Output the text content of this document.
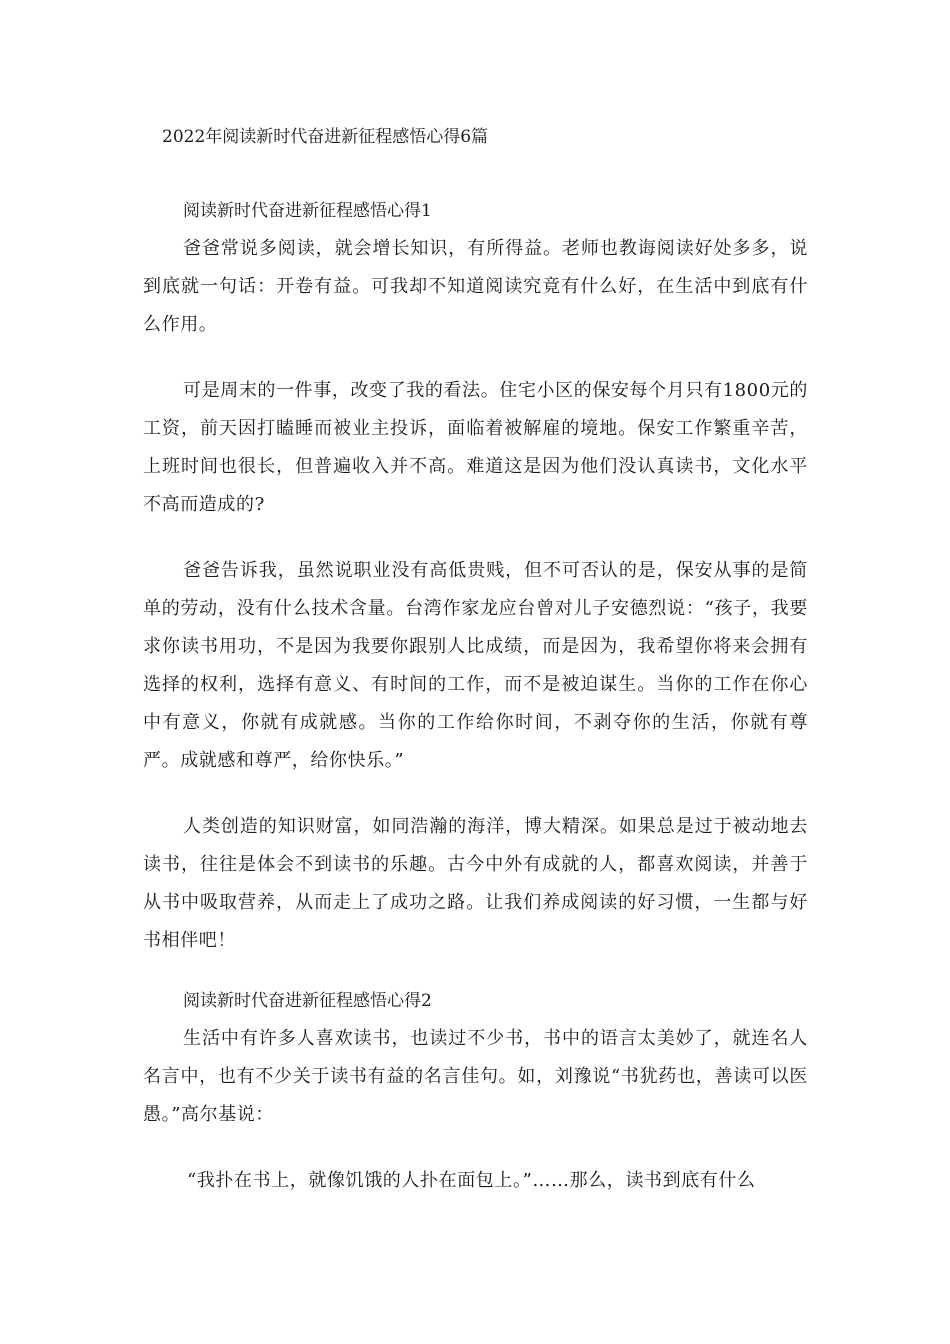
2022年阅读新时代奋进新征程感悟心得6篇
阅读新时代奋进新征程感悟心得1

爸爸常说多阅读，就会增长知识，有所得益。老师也教诲阅读好处多多，说到底就一句话：开卷有益。可我却不知道阅读究竟有什么好，在生活中到底有什么作用。

可是周末的一件事，改变了我的看法。住宅小区的保安每个月只有1800元的工资，前天因打瞌睡而被业主投诉，面临着被解雇的境地。保安工作繁重辛苦，上班时间也很长，但普遍收入并不高。难道这是因为他们没认真读书，文化水平不高而造成的?

爸爸告诉我，虽然说职业没有高低贵贱，但不可否认的是，保安从事的是简单的劳动，没有什么技术含量。台湾作家龙应台曾对儿子安德烈说：“孩子，我要求你读书用功，不是因为我要你跟别人比成绩，而是因为，我希望你将来会拥有选择的权利，选择有意义、有时间的工作，而不是被迫谋生。当你的工作在你心中有意义，你就有成就感。当你的工作给你时间，不剥夺你的生活，你就有尊严。成就感和尊严，给你快乐。”

人类创造的知识财富，如同浩瀚的海洋，博大精深。如果总是过于被动地去读书，往往是体会不到读书的乐趣。古今中外有成就的人，都喜欢阅读，并善于从书中吸取营养，从而走上了成功之路。让我们养成阅读的好习惯，一生都与好书相伴吧！

阅读新时代奋进新征程感悟心得2

生活中有许多人喜欢读书，也读过不少书，书中的语言太美妙了，就连名人名言中，也有不少关于读书有益的名言佳句。如，刘豫说“书犹药也，善读可以医愚。”高尔基说：

“我扑在书上，就像饥饿的人扑在面包上。”……那么，读书到底有什么
